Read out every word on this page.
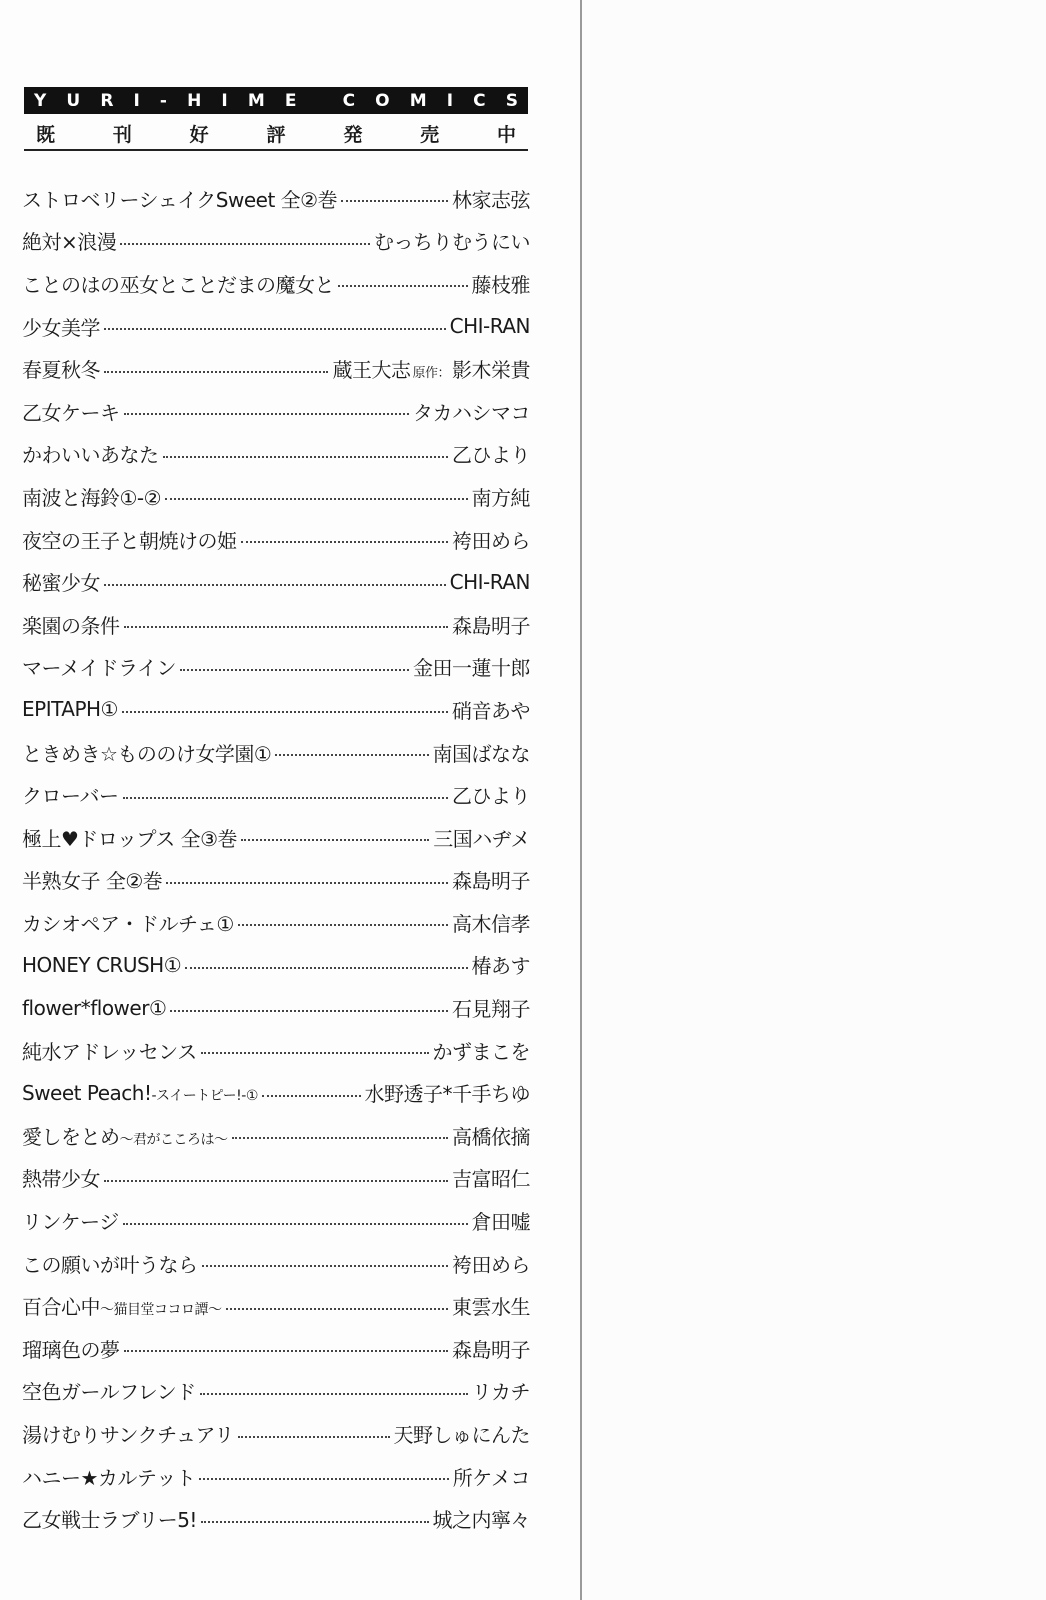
Y U R I - H I M E
	C O M I C S
既	刊	好	評	発	売	中
ストロベリーシェイクSweet 全②巻	林家志弦
絶対×浪漫	むっちりむうにい
ことのはの巫女とことだまの魔女と	藤枝雅
少女美学	CHI-RAN
春夏秋冬	蔵王大志 原作： 影木栄貴
乙女ケーキ	タカハシマコ
かわいいあなた	乙ひより
南波と海鈴①-②	南方純
夜空の王子と朝焼けの姫	袴田めら
秘蜜少女	CHI-RAN
楽園の条件	森島明子
マーメイドライン	金田一蓮十郎
EPITAPH①	硝音あや
ときめき☆もののけ女学園①	南国ばなな
クローバー	乙ひより
極上♥ドロップス 全③巻	三国ハヂメ
半熟女子 全②巻	森島明子
カシオペア・ドルチェ①	高木信孝
HONEY CRUSH①	椿あす
flower*flower①	石見翔子
純水アドレッセンス	かずまこを
Sweet Peach!-スイートピー!-①	水野透子*千手ちゆ
愛しをとめ～君がこころは～	高橋依摘
熱帯少女	吉富昭仁
リンケージ	倉田嘘
この願いが叶うなら	袴田めら
百合心中～猫目堂ココロ譚～	東雲水生
瑠璃色の夢	森島明子
空色ガールフレンド	リカチ
湯けむりサンクチュアリ	天野しゅにんた
ハニー★カルテット	所ケメコ
乙女戦士ラブリー5!	城之内寧々
